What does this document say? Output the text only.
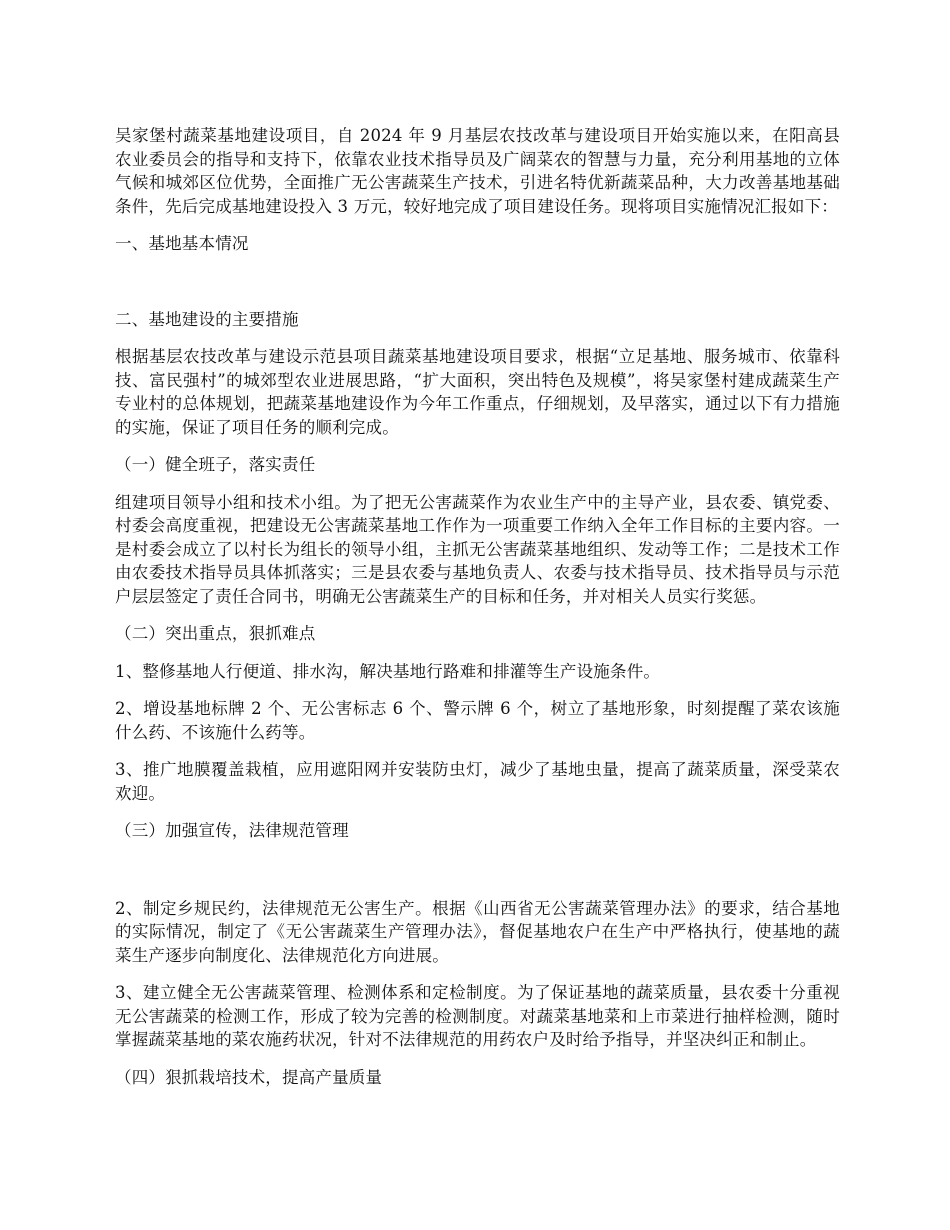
吴家堡村蔬菜基地建设项目，自 2024 年 9 月基层农技改革与建设项目开始实施以来，在阳高县农业委员会的指导和支持下，依靠农业技术指导员及广阔菜农的智慧与力量，充分利用基地的立体气候和城郊区位优势，全面推广无公害蔬菜生产技术，引进名特优新蔬菜品种，大力改善基地基础条件，先后完成基地建设投入 3 万元，较好地完成了项目建设任务。现将项目实施情况汇报如下：

一、基地基本情况

二、基地建设的主要措施

根据基层农技改革与建设示范县项目蔬菜基地建设项目要求，根据“立足基地、服务城市、依靠科技、富民强村”的城郊型农业进展思路，“扩大面积，突出特色及规模”，将吴家堡村建成蔬菜生产专业村的总体规划，把蔬菜基地建设作为今年工作重点，仔细规划，及早落实，通过以下有力措施的实施，保证了项目任务的顺利完成。

（一）健全班子，落实责任

组建项目领导小组和技术小组。为了把无公害蔬菜作为农业生产中的主导产业，县农委、镇党委、村委会高度重视，把建设无公害蔬菜基地工作作为一项重要工作纳入全年工作目标的主要内容。一是村委会成立了以村长为组长的领导小组，主抓无公害蔬菜基地组织、发动等工作；二是技术工作由农委技术指导员具体抓落实；三是县农委与基地负责人、农委与技术指导员、技术指导员与示范户层层签定了责任合同书，明确无公害蔬菜生产的目标和任务，并对相关人员实行奖惩。

（二）突出重点，狠抓难点

1、整修基地人行便道、排水沟，解决基地行路难和排灌等生产设施条件。

2、增设基地标牌 2 个、无公害标志 6 个、警示牌 6 个，树立了基地形象，时刻提醒了菜农该施什么药、不该施什么药等。

3、推广地膜覆盖栽植，应用遮阳网并安装防虫灯，减少了基地虫量，提高了蔬菜质量，深受菜农欢迎。

（三）加强宣传，法律规范管理

2、制定乡规民约，法律规范无公害生产。根据《山西省无公害蔬菜管理办法》的要求，结合基地的实际情况，制定了《无公害蔬菜生产管理办法》，督促基地农户在生产中严格执行，使基地的蔬菜生产逐步向制度化、法律规范化方向进展。

3、建立健全无公害蔬菜管理、检测体系和定检制度。为了保证基地的蔬菜质量，县农委十分重视无公害蔬菜的检测工作，形成了较为完善的检测制度。对蔬菜基地菜和上市菜进行抽样检测，随时掌握蔬菜基地的菜农施药状况，针对不法律规范的用药农户及时给予指导，并坚决纠正和制止。

（四）狠抓栽培技术，提高产量质量
